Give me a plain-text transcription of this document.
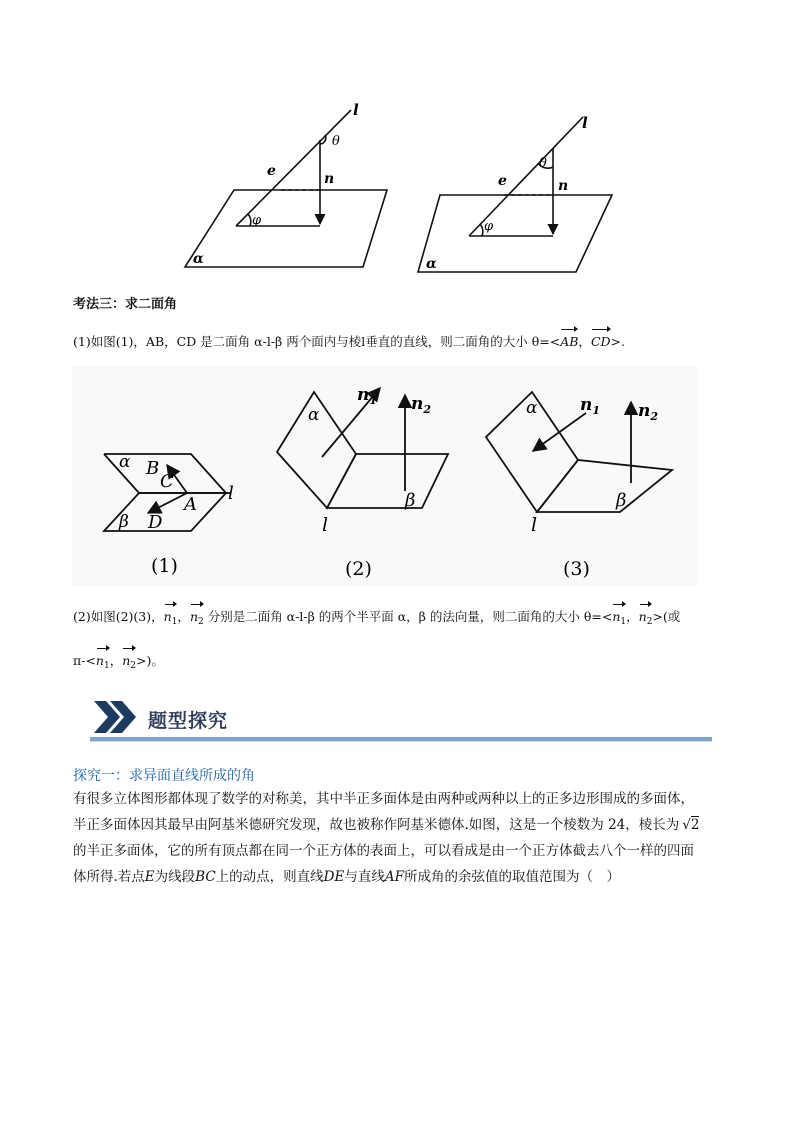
l
θ
e	n
φ
α
l
θ
e	n
φ
α
考法三：求二面角
(1)如图(1)，AB，CD 是二面角 α-l-β 两个面内与棱l垂直的直线，则二面角的大小 θ=<AB，CD>.
α B
C
A
β D
l
(1)
$n_1$ $n_2$
α
β
l
(2)
$n_1$ $n_2$
α
β
l
(3)
(2)如图(2)(3)，$n_1$，$n_2$ 分别是二面角 α-l-β 的两个半平面 α，β 的法向量，则二面角的大小 $\theta=<n_1$，$n_2>$(或
$\pi-<n_1$，$n_2>$)。
题型探究
探究一：求异面直线所成的角
有很多立体图形都体现了数学的对称美，其中半正多面体是由两种或两种以上的正多边形围成的多面体，
半正多面体因其最早由阿基米德研究发现，故也被称作阿基米德体.如图，这是一个棱数为 24，棱长为 √2
的半正多面体，它的所有顶点都在同一个正方体的表面上，可以看成是由一个正方体截去八个一样的四面
体所得.若点E为线段BC上的动点，则直线DE与直线AF所成角的余弦值的取值范围为（　）
